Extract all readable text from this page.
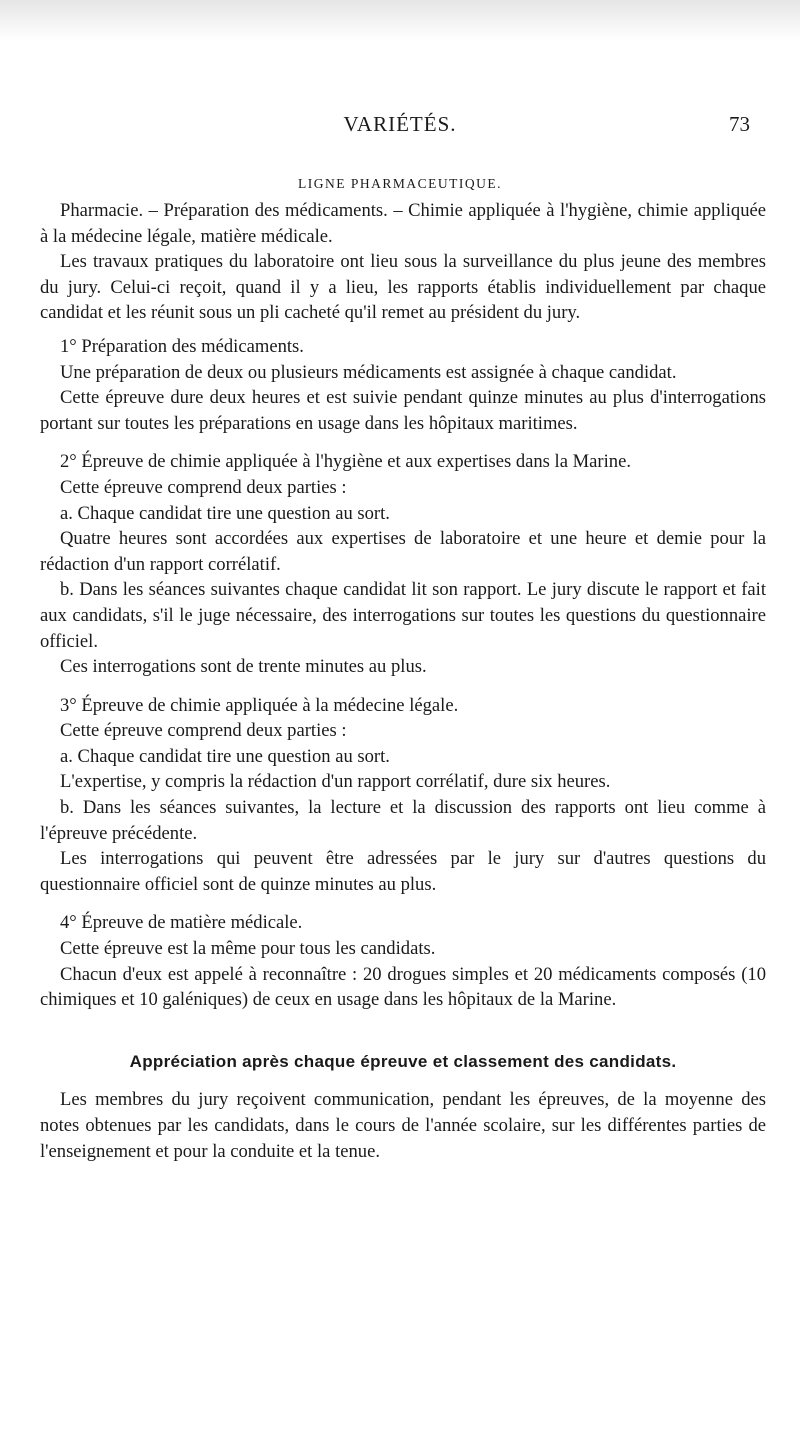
VARIÉTÉS.	73
LIGNE PHARMACEUTIQUE.

Pharmacie. – Préparation des médicaments. – Chimie appliquée à l'hygiène, chimie appliquée à la médecine légale, matière médicale.

Les travaux pratiques du laboratoire ont lieu sous la surveillance du plus jeune des membres du jury. Celui-ci reçoit, quand il y a lieu, les rapports établis individuellement par chaque candidat et les réunit sous un pli cacheté qu'il remet au président du jury.

1° Préparation des médicaments.

Une préparation de deux ou plusieurs médicaments est assignée à chaque candidat.

Cette épreuve dure deux heures et est suivie pendant quinze minutes au plus d'interrogations portant sur toutes les préparations en usage dans les hôpitaux maritimes.

2° Épreuve de chimie appliquée à l'hygiène et aux expertises dans la Marine.

Cette épreuve comprend deux parties :

a. Chaque candidat tire une question au sort.

Quatre heures sont accordées aux expertises de laboratoire et une heure et demie pour la rédaction d'un rapport corrélatif.

b. Dans les séances suivantes chaque candidat lit son rapport. Le jury discute le rapport et fait aux candidats, s'il le juge nécessaire, des interrogations sur toutes les questions du questionnaire officiel.

Ces interrogations sont de trente minutes au plus.

3° Épreuve de chimie appliquée à la médecine légale.

Cette épreuve comprend deux parties :

a. Chaque candidat tire une question au sort.

L'expertise, y compris la rédaction d'un rapport corrélatif, dure six heures.

b. Dans les séances suivantes, la lecture et la discussion des rapports ont lieu comme à l'épreuve précédente.

Les interrogations qui peuvent être adressées par le jury sur d'autres questions du questionnaire officiel sont de quinze minutes au plus.

4° Épreuve de matière médicale.

Cette épreuve est la même pour tous les candidats.

Chacun d'eux est appelé à reconnaître : 20 drogues simples et 20 médicaments composés (10 chimiques et 10 galéniques) de ceux en usage dans les hôpitaux de la Marine.

Appréciation après chaque épreuve et classement des candidats.

Les membres du jury reçoivent communication, pendant les épreuves, de la moyenne des notes obtenues par les candidats, dans le cours de l'année scolaire, sur les différentes parties de l'enseignement et pour la conduite et la tenue.
